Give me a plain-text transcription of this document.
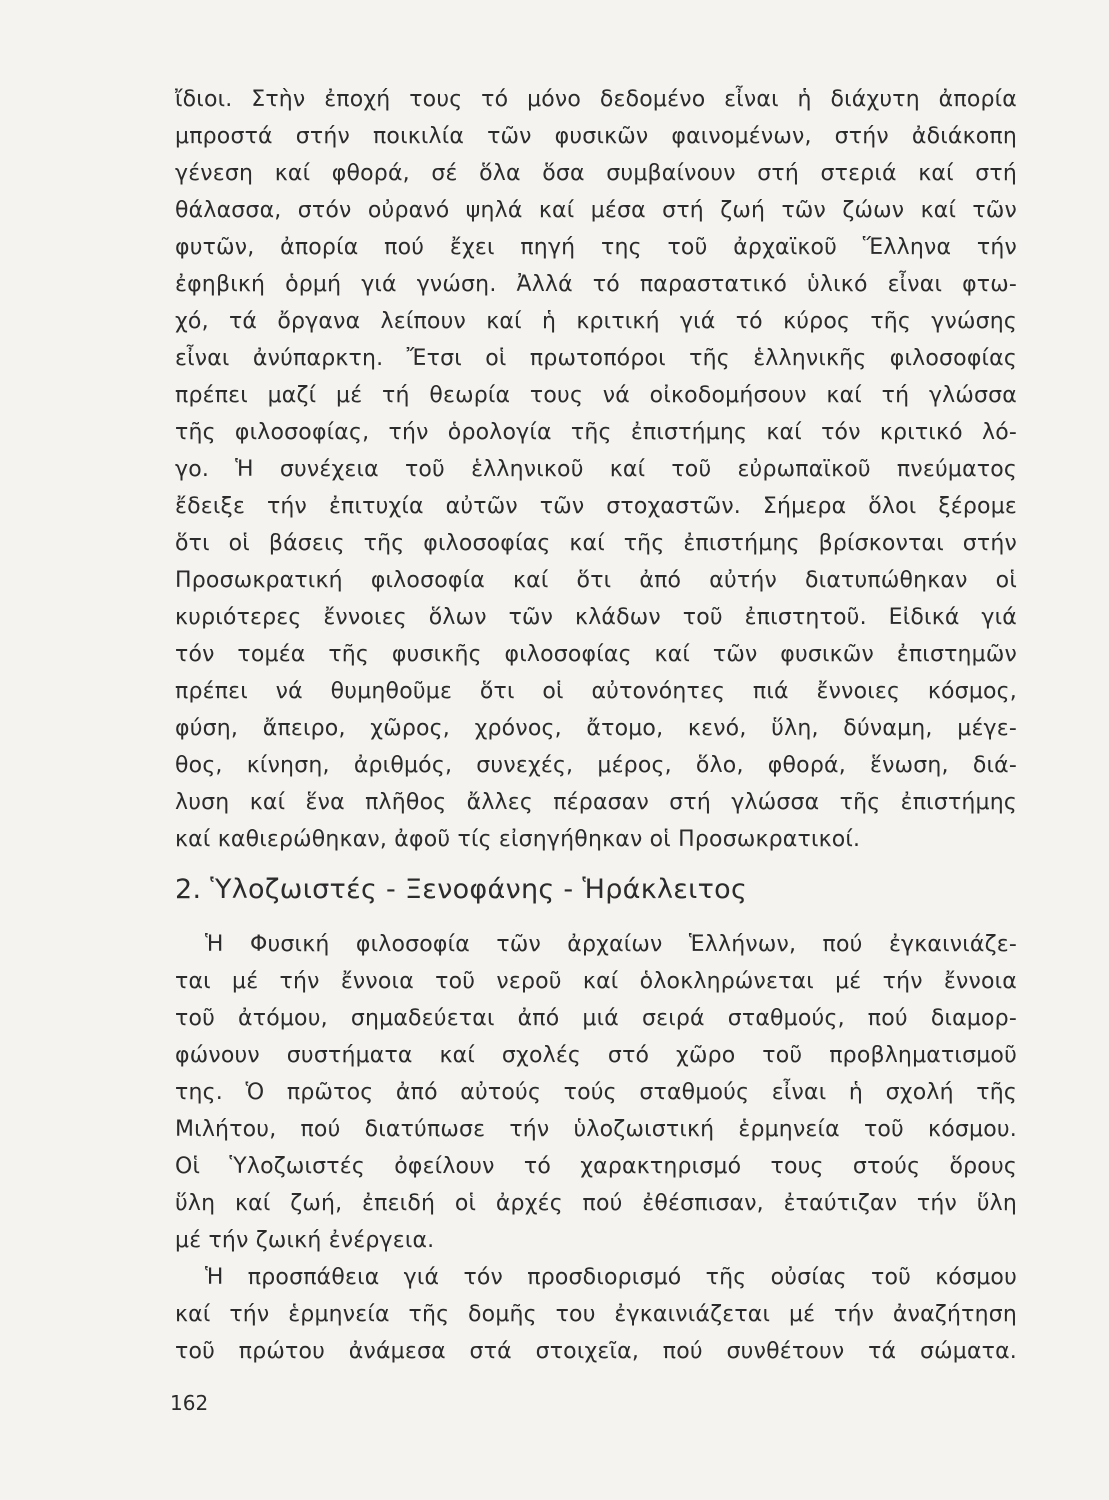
ἴδιοι. Στὴν ἐποχή τους τό μόνο δεδομένο εἶναι ἡ διάχυτη ἀπορία
μπροστά στήν ποικιλία τῶν φυσικῶν φαινομένων, στήν ἀδιάκοπη
γένεση καί φθορά, σέ ὅλα ὅσα συμβαίνουν στή στεριά καί στή
θάλασσα, στόν οὐρανό ψηλά καί μέσα στή ζωή τῶν ζώων καί τῶν
φυτῶν, ἀπορία πού ἔχει πηγή της τοῦ ἀρχαϊκοῦ Ἕλληνα τήν
ἐφηβική ὁρμή γιά γνώση. Ἀλλά τό παραστατικό ὑλικό εἶναι φτω-
χό, τά ὄργανα λείπουν καί ἡ κριτική γιά τό κύρος τῆς γνώσης
εἶναι ἀνύπαρκτη. Ἔτσι οἱ πρωτοπόροι τῆς ἑλληνικῆς φιλοσοφίας
πρέπει μαζί μέ τή θεωρία τους νά οἰκοδομήσουν καί τή γλώσσα
τῆς φιλοσοφίας, τήν ὁρολογία τῆς ἐπιστήμης καί τόν κριτικό λό-
γο. Ἡ συνέχεια τοῦ ἑλληνικοῦ καί τοῦ εὐρωπαϊκοῦ πνεύματος
ἔδειξε τήν ἐπιτυχία αὐτῶν τῶν στοχαστῶν. Σήμερα ὅλοι ξέρομε
ὅτι οἱ βάσεις τῆς φιλοσοφίας καί τῆς ἐπιστήμης βρίσκονται στήν
Προσωκρατική φιλοσοφία καί ὅτι ἀπό αὐτήν διατυπώθηκαν οἱ
κυριότερες ἔννοιες ὅλων τῶν κλάδων τοῦ ἐπιστητοῦ. Εἰδικά γιά
τόν τομέα τῆς φυσικῆς φιλοσοφίας καί τῶν φυσικῶν ἐπιστημῶν
πρέπει νά θυμηθοῦμε ὅτι οἱ αὐτονόητες πιά ἔννοιες κόσμος,
φύση, ἄπειρο, χῶρος, χρόνος, ἄτομο, κενό, ὕλη, δύναμη, μέγε-
θος, κίνηση, ἀριθμός, συνεχές, μέρος, ὅλο, φθορά, ἕνωση, διά-
λυση καί ἕνα πλῆθος ἄλλες πέρασαν στή γλώσσα τῆς ἐπιστήμης
καί καθιερώθηκαν, ἀφοῦ τίς εἰσηγήθηκαν οἱ Προσωκρατικοί.
2. Ὑλοζωιστές - Ξενοφάνης - Ἡράκλειτος
Ἡ Φυσική φιλοσοφία τῶν ἀρχαίων Ἑλλήνων, πού ἐγκαινιάζε-
ται μέ τήν ἔννοια τοῦ νεροῦ καί ὁλοκληρώνεται μέ τήν ἔννοια
τοῦ ἀτόμου, σημαδεύεται ἀπό μιά σειρά σταθμούς, πού διαμορ-
φώνουν συστήματα καί σχολές στό χῶρο τοῦ προβληματισμοῦ
της. Ὁ πρῶτος ἀπό αὐτούς τούς σταθμούς εἶναι ἡ σχολή τῆς
Μιλήτου, πού διατύπωσε τήν ὑλοζωιστική ἑρμηνεία τοῦ κόσμου.
Οἱ Ὑλοζωιστές ὀφείλουν τό χαρακτηρισμό τους στούς ὅρους
ὕλη καί ζωή, ἐπειδή οἱ ἀρχές πού ἐθέσπισαν, ἐταύτιζαν τήν ὕλη
μέ τήν ζωική ἐνέργεια.
Ἡ προσπάθεια γιά τόν προσδιορισμό τῆς οὐσίας τοῦ κόσμου
καί τήν ἑρμηνεία τῆς δομῆς του ἐγκαινιάζεται μέ τήν ἀναζήτηση
τοῦ πρώτου ἀνάμεσα στά στοιχεῖα, πού συνθέτουν τά σώματα.
162
